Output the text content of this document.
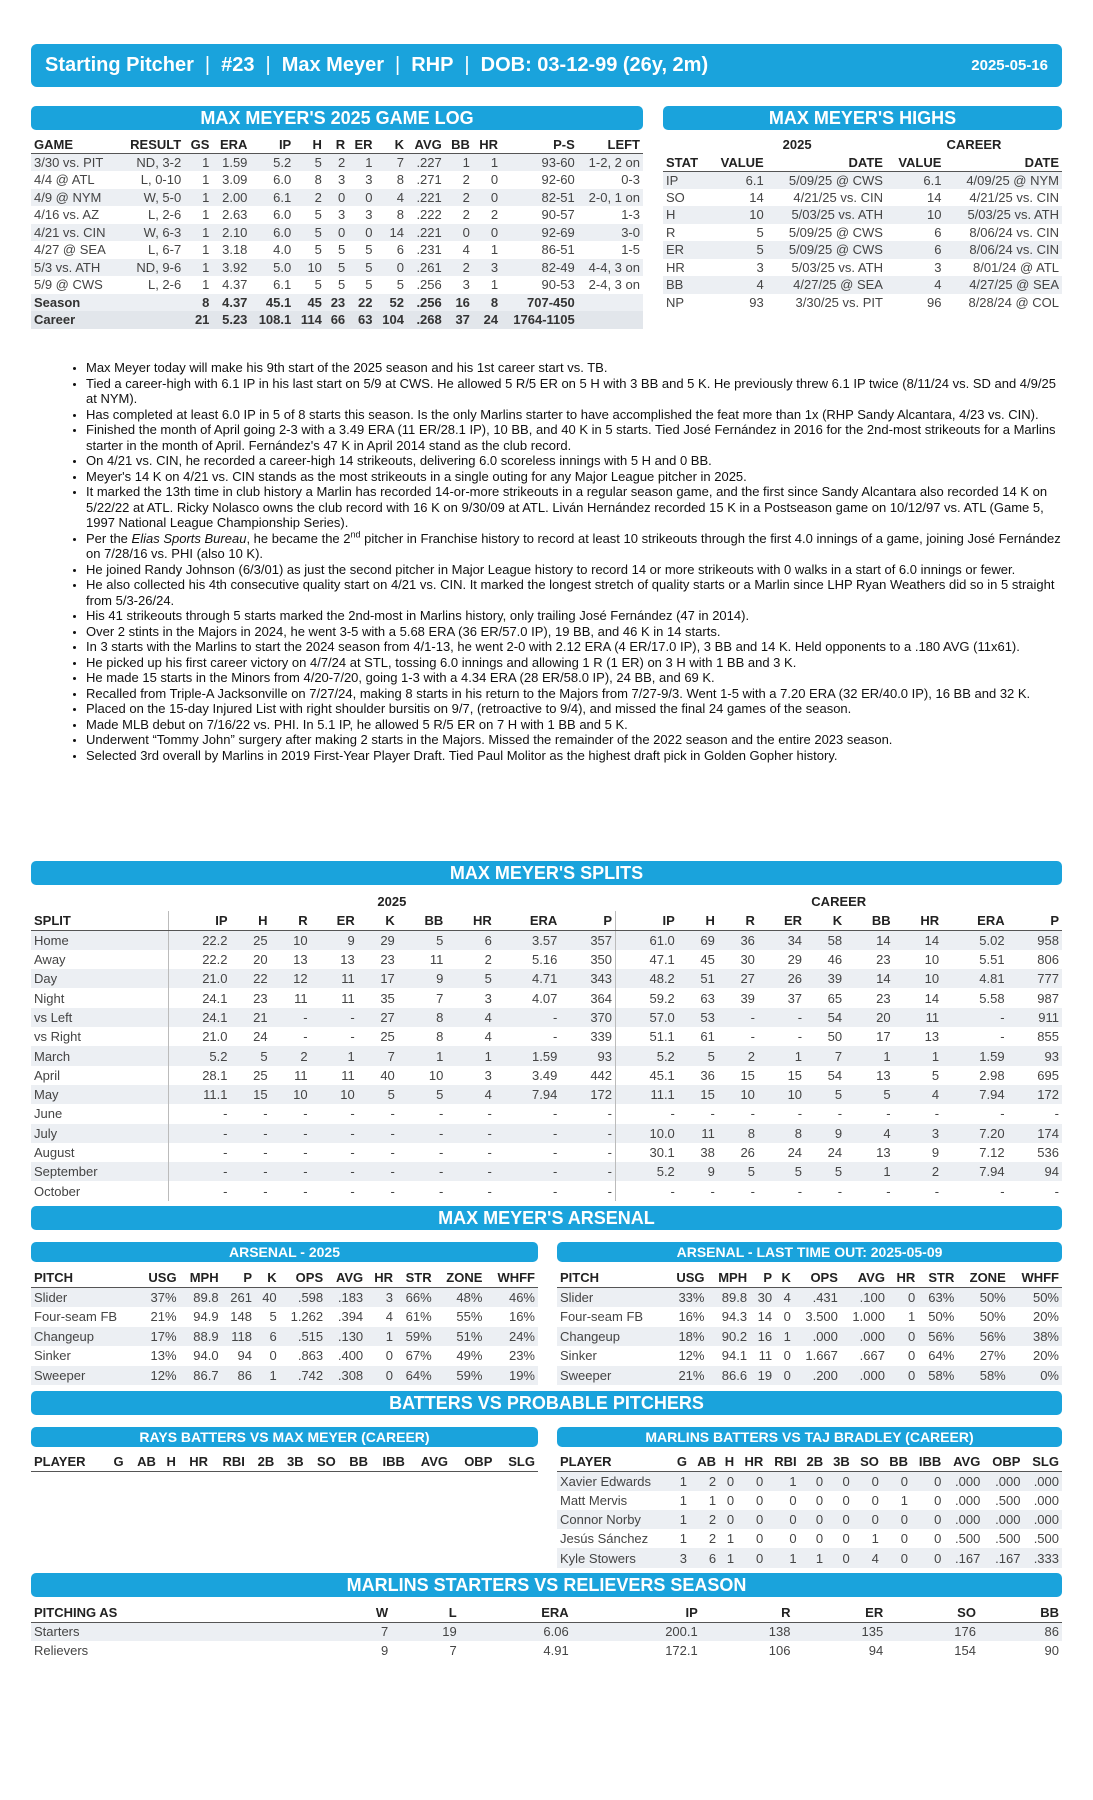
Starting Pitcher | #23 | Max Meyer | RHP | DOB: 03-12-99 (26y, 2m)	2025-05-16
MAX MEYER'S 2025 GAME LOG
GAME	RESULT	GS	ERA	IP	H	R	ER	K	AVG	BB	HR	P-S	LEFT
3/30 vs. PIT	ND, 3-2	1	1.59	5.2	5	2	1	7	.227	1	1	93-60	1-2, 2 on
4/4 @ ATL	L, 0-10	1	3.09	6.0	8	3	3	8	.271	2	0	92-60	0-3
4/9 @ NYM	W, 5-0	1	2.00	6.1	2	0	0	4	.221	2	0	82-51	2-0, 1 on
4/16 vs. AZ	L, 2-6	1	2.63	6.0	5	3	3	8	.222	2	2	90-57	1-3
4/21 vs. CIN	W, 6-3	1	2.10	6.0	5	0	0	14	.221	0	0	92-69	3-0
4/27 @ SEA	L, 6-7	1	3.18	4.0	5	5	5	6	.231	4	1	86-51	1-5
5/3 vs. ATH	ND, 9-6	1	3.92	5.0	10	5	5	0	.261	2	3	82-49	4-4, 3 on
5/9 @ CWS	L, 2-6	1	4.37	6.1	5	5	5	5	.256	3	1	90-53	2-4, 3 on
Season		8	4.37	45.1	45	23	22	52	.256	16	8	707-450	
Career		21	5.23	108.1	114	66	63	104	.268	37	24	1764-1105	
MAX MEYER'S HIGHS
	2025		CAREER	
STAT	VALUE	DATE	VALUE	DATE
IP	6.1	5/09/25 @ CWS	6.1	4/09/25 @ NYM
SO	14	4/21/25 vs. CIN	14	4/21/25 vs. CIN
H	10	5/03/25 vs. ATH	10	5/03/25 vs. ATH
R	5	5/09/25 @ CWS	6	8/06/24 vs. CIN
ER	5	5/09/25 @ CWS	6	8/06/24 vs. CIN
HR	3	5/03/25 vs. ATH	3	8/01/24 @ ATL
BB	4	4/27/25 @ SEA	4	4/27/25 @ SEA
NP	93	3/30/25 vs. PIT	96	8/28/24 @ COL
• Max Meyer today will make his 9th start of the 2025 season and his 1st career start vs. TB.
• Tied a career-high with 6.1 IP in his last start on 5/9 at CWS. He allowed 5 R/5 ER on 5 H with 3 BB and 5 K. He previously threw 6.1 IP twice (8/11/24 vs. SD and 4/9/25 at NYM).
• Has completed at least 6.0 IP in 5 of 8 starts this season. Is the only Marlins starter to have accomplished the feat more than 1x (RHP Sandy Alcantara, 4/23 vs. CIN).
• Finished the month of April going 2-3 with a 3.49 ERA (11 ER/28.1 IP), 10 BB, and 40 K in 5 starts. Tied José Fernández in 2016 for the 2nd-most strikeouts for a Marlins starter in the month of April. Fernández's 47 K in April 2014 stand as the club record.
• On 4/21 vs. CIN, he recorded a career-high 14 strikeouts, delivering 6.0 scoreless innings with 5 H and 0 BB.
• Meyer's 14 K on 4/21 vs. CIN stands as the most strikeouts in a single outing for any Major League pitcher in 2025.
• It marked the 13th time in club history a Marlin has recorded 14-or-more strikeouts in a regular season game, and the first since Sandy Alcantara also recorded 14 K on 5/22/22 at ATL. Ricky Nolasco owns the club record with 16 K on 9/30/09 at ATL. Liván Hernández recorded 15 K in a Postseason game on 10/12/97 vs. ATL (Game 5, 1997 National League Championship Series).
• Per the Elias Sports Bureau, he became the 2nd pitcher in Franchise history to record at least 10 strikeouts through the first 4.0 innings of a game, joining José Fernández on 7/28/16 vs. PHI (also 10 K).
• He joined Randy Johnson (6/3/01) as just the second pitcher in Major League history to record 14 or more strikeouts with 0 walks in a start of 6.0 innings or fewer.
• He also collected his 4th consecutive quality start on 4/21 vs. CIN. It marked the longest stretch of quality starts or a Marlin since LHP Ryan Weathers did so in 5 straight from 5/3-26/24.
• His 41 strikeouts through 5 starts marked the 2nd-most in Marlins history, only trailing José Fernández (47 in 2014).
• Over 2 stints in the Majors in 2024, he went 3-5 with a 5.68 ERA (36 ER/57.0 IP), 19 BB, and 46 K in 14 starts.
• In 3 starts with the Marlins to start the 2024 season from 4/1-13, he went 2-0 with 2.12 ERA (4 ER/17.0 IP), 3 BB and 14 K. Held opponents to a .180 AVG (11x61).
• He picked up his first career victory on 4/7/24 at STL, tossing 6.0 innings and allowing 1 R (1 ER) on 3 H with 1 BB and 3 K.
• He made 15 starts in the Minors from 4/20-7/20, going 1-3 with a 4.34 ERA (28 ER/58.0 IP), 24 BB, and 69 K.
• Recalled from Triple-A Jacksonville on 7/27/24, making 8 starts in his return to the Majors from 7/27-9/3. Went 1-5 with a 7.20 ERA (32 ER/40.0 IP), 16 BB and 32 K.
• Placed on the 15-day Injured List with right shoulder bursitis on 9/7, (retroactive to 9/4), and missed the final 24 games of the season.
• Made MLB debut on 7/16/22 vs. PHI. In 5.1 IP, he allowed 5 R/5 ER on 7 H with 1 BB and 5 K.
• Underwent “Tommy John” surgery after making 2 starts in the Majors. Missed the remainder of the 2022 season and the entire 2023 season.
• Selected 3rd overall by Marlins in 2019 First-Year Player Draft. Tied Paul Molitor as the highest draft pick in Golden Gopher history.
MAX MEYER'S SPLITS
	2025									CAREER								
SPLIT	IP	H	R	ER	K	BB	HR	ERA	P	IP	H	R	ER	K	BB	HR	ERA	P
Home	22.2	25	10	9	29	5	6	3.57	357	61.0	69	36	34	58	14	14	5.02	958
Away	22.2	20	13	13	23	11	2	5.16	350	47.1	45	30	29	46	23	10	5.51	806
Day	21.0	22	12	11	17	9	5	4.71	343	48.2	51	27	26	39	14	10	4.81	777
Night	24.1	23	11	11	35	7	3	4.07	364	59.2	63	39	37	65	23	14	5.58	987
vs Left	24.1	21	-	-	27	8	4	-	370	57.0	53	-	-	54	20	11	-	911
vs Right	21.0	24	-	-	25	8	4	-	339	51.1	61	-	-	50	17	13	-	855
March	5.2	5	2	1	7	1	1	1.59	93	5.2	5	2	1	7	1	1	1.59	93
April	28.1	25	11	11	40	10	3	3.49	442	45.1	36	15	15	54	13	5	2.98	695
May	11.1	15	10	10	5	5	4	7.94	172	11.1	15	10	10	5	5	4	7.94	172
June	-	-	-	-	-	-	-	-	-	-	-	-	-	-	-	-	-	-
July	-	-	-	-	-	-	-	-	-	10.0	11	8	8	9	4	3	7.20	174
August	-	-	-	-	-	-	-	-	-	30.1	38	26	24	24	13	9	7.12	536
September	-	-	-	-	-	-	-	-	-	5.2	9	5	5	5	1	2	7.94	94
October	-	-	-	-	-	-	-	-	-	-	-	-	-	-	-	-	-	-
MAX MEYER'S ARSENAL
ARSENAL - 2025
PITCH	USG	MPH	P	K	OPS	AVG	HR	STR	ZONE	WHFF
Slider	37%	89.8	261	40	.598	.183	3	66%	48%	46%
Four-seam FB	21%	94.9	148	5	1.262	.394	4	61%	55%	16%
Changeup	17%	88.9	118	6	.515	.130	1	59%	51%	24%
Sinker	13%	94.0	94	0	.863	.400	0	67%	49%	23%
Sweeper	12%	86.7	86	1	.742	.308	0	64%	59%	19%
ARSENAL - LAST TIME OUT: 2025-05-09
PITCH	USG	MPH	P	K	OPS	AVG	HR	STR	ZONE	WHFF
Slider	33%	89.8	30	4	.431	.100	0	63%	50%	50%
Four-seam FB	16%	94.3	14	0	3.500	1.000	1	50%	50%	20%
Changeup	18%	90.2	16	1	.000	.000	0	56%	56%	38%
Sinker	12%	94.1	11	0	1.667	.667	0	64%	27%	20%
Sweeper	21%	86.6	19	0	.200	.000	0	58%	58%	0%
BATTERS VS PROBABLE PITCHERS
RAYS BATTERS VS MAX MEYER (CAREER)
PLAYER	G	AB	H	HR	RBI	2B	3B	SO	BB	IBB	AVG	OBP	SLG
MARLINS BATTERS VS TAJ BRADLEY (CAREER)
PLAYER	G	AB	H	HR	RBI	2B	3B	SO	BB	IBB	AVG	OBP	SLG
Xavier Edwards	1	2	0	0	1	0	0	0	0	0	.000	.000	.000
Matt Mervis	1	1	0	0	0	0	0	0	1	0	.000	.500	.000
Connor Norby	1	2	0	0	0	0	0	0	0	0	.000	.000	.000
Jesús Sánchez	1	2	1	0	0	0	0	1	0	0	.500	.500	.500
Kyle Stowers	3	6	1	0	1	1	0	4	0	0	.167	.167	.333
MARLINS STARTERS VS RELIEVERS SEASON
PITCHING AS	W	L	ERA	IP	R	ER	SO	BB
Starters	7	19	6.06	200.1	138	135	176	86
Relievers	9	7	4.91	172.1	106	94	154	90
